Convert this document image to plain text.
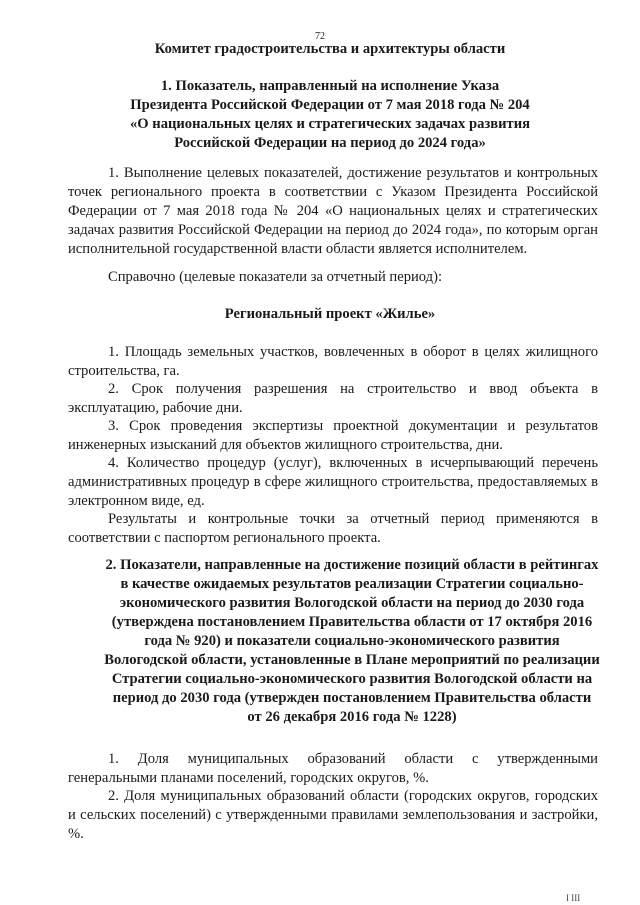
72

Комитет градостроительства и архитектуры области

1. Показатель, направленный на исполнение Указа Президента Российской Федерации от 7 мая 2018 года № 204 «О национальных целях и стратегических задачах развития Российской Федерации на период до 2024 года»

1. Выполнение целевых показателей, достижение результатов и контрольных точек регионального проекта в соответствии с Указом Президента Российской Федерации от 7 мая 2018 года № 204 «О национальных целях и стратегических задачах развития Российской Федерации на период до 2024 года», по которым орган исполнительной государственной власти области является исполнителем.

Справочно (целевые показатели за отчетный период):

Региональный проект «Жилье»

1. Площадь земельных участков, вовлеченных в оборот в целях жилищного строительства, га.

2. Срок получения разрешения на строительство и ввод объекта в эксплуатацию, рабочие дни.

3. Срок проведения экспертизы проектной документации и результатов инженерных изысканий для объектов жилищного строительства, дни.

4. Количество процедур (услуг), включенных в исчерпывающий перечень административных процедур в сфере жилищного строительства, предоставляемых в электронном виде, ед.

Результаты и контрольные точки за отчетный период применяются в соответствии с паспортом регионального проекта.

2. Показатели, направленные на достижение позиций области в рейтингах в качестве ожидаемых результатов реализации Стратегии социально-экономического развития Вологодской области на период до 2030 года (утверждена постановлением Правительства области от 17 октября 2016 года № 920) и показатели социально-экономического развития Вологодской области, установленные в Плане мероприятий по реализации Стратегии социально-экономического развития Вологодской области на период до 2030 года (утвержден постановлением Правительства области от 26 декабря 2016 года № 1228)

1. Доля муниципальных образований области с утвержденными генеральными планами поселений, городских округов, %.

2. Доля муниципальных образований области (городских округов, городских и сельских поселений) с утвержденными правилами землепользования и застройки, %.

I III
